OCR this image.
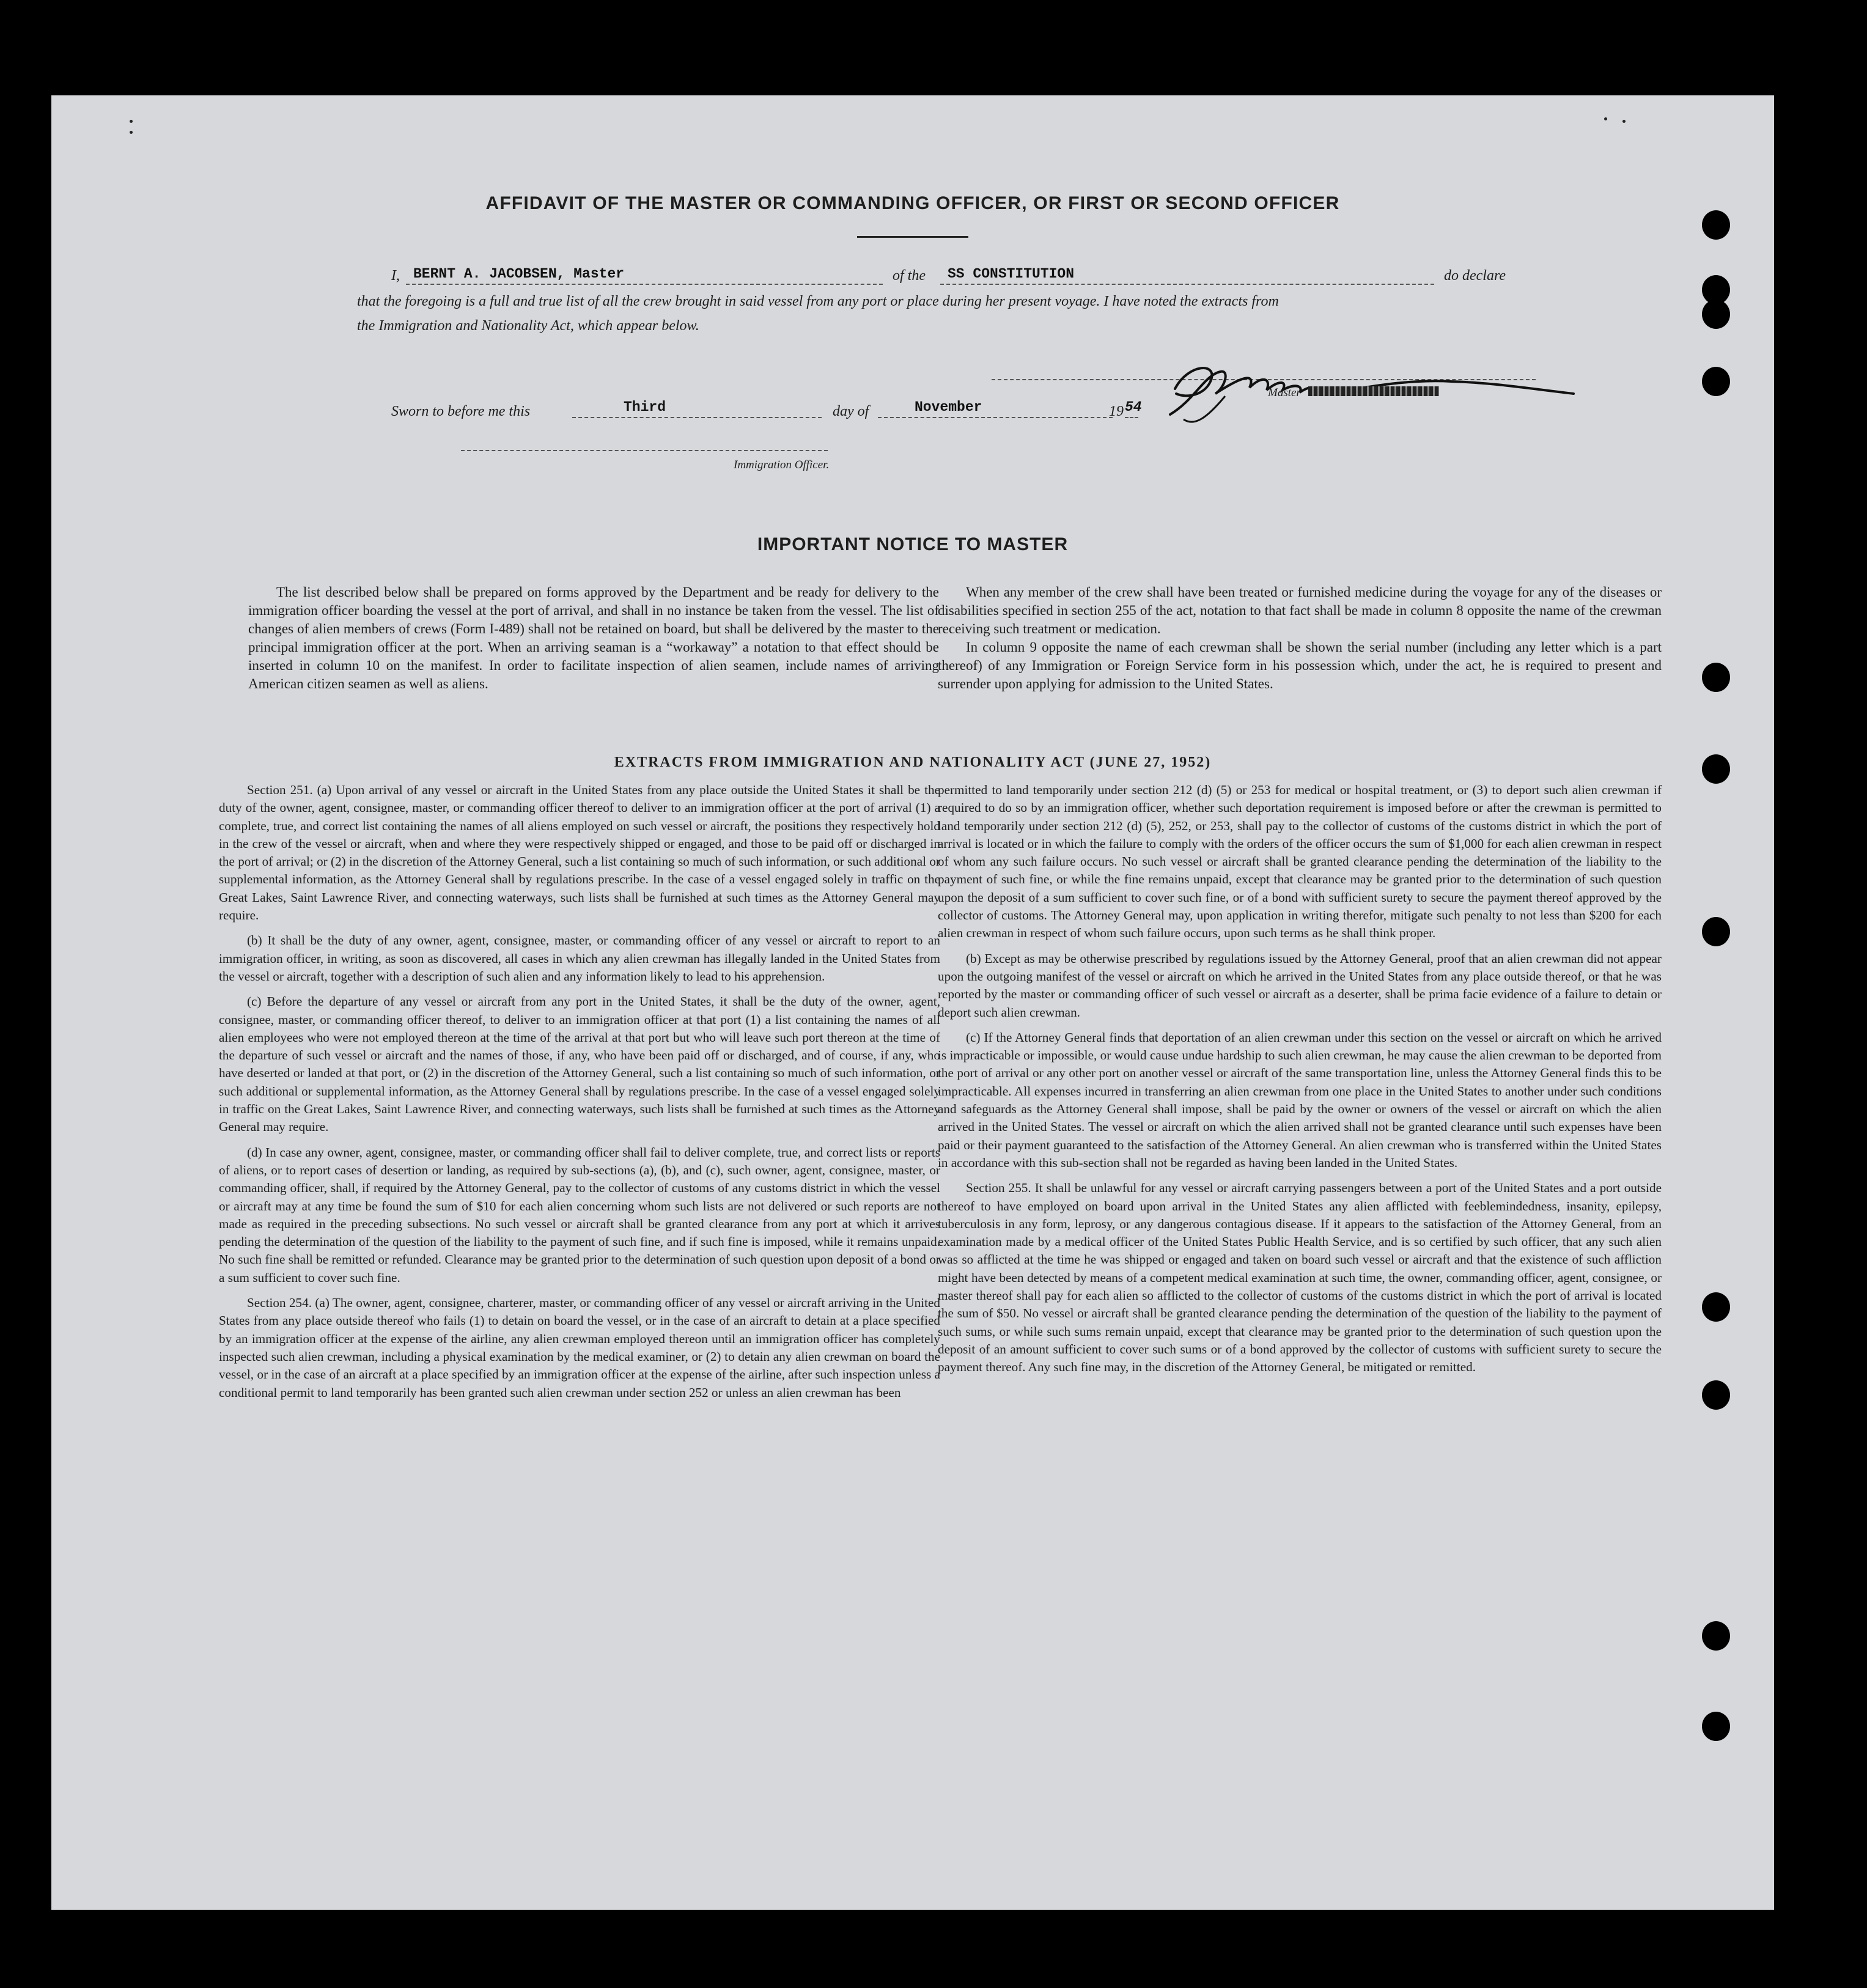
AFFIDAVIT OF THE MASTER OR COMMANDING OFFICER, OR FIRST OR SECOND OFFICER
I, BERNT A. JACOBSEN, Master	of the	SS CONSTITUTION	do declare
that the foregoing is a full and true list of all the crew brought in said vessel from any port or place during her present voyage. I have noted the extracts from
the Immigration and Nationality Act, which appear below.
Master
Sworn to before me this	Third	day of	November	19 54
Immigration Officer.
IMPORTANT NOTICE TO MASTER

The list described below shall be prepared on forms approved by the Department and be ready for delivery to the immigration officer boarding the vessel at the port of arrival, and shall in no instance be taken from the vessel. The list of changes of alien members of crews (Form I-489) shall not be retained on board, but shall be delivered by the master to the principal immigration officer at the port. When an arriving seaman is a “workaway” a notation to that effect should be inserted in column 10 on the manifest. In order to facilitate inspection of alien seamen, include names of arriving American citizen seamen as well as aliens.

When any member of the crew shall have been treated or furnished medicine during the voyage for any of the diseases or disabilities specified in section 255 of the act, notation to that fact shall be made in column 8 opposite the name of the crewman receiving such treatment or medication.

In column 9 opposite the name of each crewman shall be shown the serial number (including any letter which is a part thereof) of any Immigration or Foreign Service form in his possession which, under the act, he is required to present and surrender upon applying for admission to the United States.

EXTRACTS FROM IMMIGRATION AND NATIONALITY ACT (JUNE 27, 1952)

Section 251. (a) Upon arrival of any vessel or aircraft in the United States from any place outside the United States it shall be the duty of the owner, agent, consignee, master, or commanding officer thereof to deliver to an immigration officer at the port of arrival (1) a complete, true, and correct list containing the names of all aliens employed on such vessel or aircraft, the positions they respectively hold in the crew of the vessel or aircraft, when and where they were respectively shipped or engaged, and those to be paid off or discharged in the port of arrival; or (2) in the discretion of the Attorney General, such a list containing so much of such information, or such additional or supplemental information, as the Attorney General shall by regulations prescribe. In the case of a vessel engaged solely in traffic on the Great Lakes, Saint Lawrence River, and connecting waterways, such lists shall be furnished at such times as the Attorney General may require.

(b) It shall be the duty of any owner, agent, consignee, master, or commanding officer of any vessel or aircraft to report to an immigration officer, in writing, as soon as discovered, all cases in which any alien crewman has illegally landed in the United States from the vessel or aircraft, together with a description of such alien and any information likely to lead to his apprehension.

(c) Before the departure of any vessel or aircraft from any port in the United States, it shall be the duty of the owner, agent, consignee, master, or commanding officer thereof, to deliver to an immigration officer at that port (1) a list containing the names of all alien employees who were not employed thereon at the time of the arrival at that port but who will leave such port thereon at the time of the departure of such vessel or aircraft and the names of those, if any, who have been paid off or discharged, and of course, if any, who have deserted or landed at that port, or (2) in the discretion of the Attorney General, such a list containing so much of such information, or such additional or supplemental information, as the Attorney General shall by regulations prescribe. In the case of a vessel engaged solely in traffic on the Great Lakes, Saint Lawrence River, and connecting waterways, such lists shall be furnished at such times as the Attorney General may require.

(d) In case any owner, agent, consignee, master, or commanding officer shall fail to deliver complete, true, and correct lists or reports of aliens, or to report cases of desertion or landing, as required by sub-sections (a), (b), and (c), such owner, agent, consignee, master, or commanding officer, shall, if required by the Attorney General, pay to the collector of customs of any customs district in which the vessel or aircraft may at any time be found the sum of $10 for each alien concerning whom such lists are not delivered or such reports are not made as required in the preceding subsections. No such vessel or aircraft shall be granted clearance from any port at which it arrives pending the determination of the question of the liability to the payment of such fine, and if such fine is imposed, while it remains unpaid. No such fine shall be remitted or refunded. Clearance may be granted prior to the determination of such question upon deposit of a bond or a sum sufficient to cover such fine.

Section 254. (a) The owner, agent, consignee, charterer, master, or commanding officer of any vessel or aircraft arriving in the United States from any place outside thereof who fails (1) to detain on board the vessel, or in the case of an aircraft to detain at a place specified by an immigration officer at the expense of the airline, any alien crewman employed thereon until an immigration officer has completely inspected such alien crewman, including a physical examination by the medical examiner, or (2) to detain any alien crewman on board the vessel, or in the case of an aircraft at a place specified by an immigration officer at the expense of the airline, after such inspection unless a conditional permit to land temporarily has been granted such alien crewman under section 252 or unless an alien crewman has been

permitted to land temporarily under section 212 (d) (5) or 253 for medical or hospital treatment, or (3) to deport such alien crewman if required to do so by an immigration officer, whether such deportation requirement is imposed before or after the crewman is permitted to land temporarily under section 212 (d) (5), 252, or 253, shall pay to the collector of customs of the customs district in which the port of arrival is located or in which the failure to comply with the orders of the officer occurs the sum of $1,000 for each alien crewman in respect of whom any such failure occurs. No such vessel or aircraft shall be granted clearance pending the determination of the liability to the payment of such fine, or while the fine remains unpaid, except that clearance may be granted prior to the determination of such question upon the deposit of a sum sufficient to cover such fine, or of a bond with sufficient surety to secure the payment thereof approved by the collector of customs. The Attorney General may, upon application in writing therefor, mitigate such penalty to not less than $200 for each alien crewman in respect of whom such failure occurs, upon such terms as he shall think proper.

(b) Except as may be otherwise prescribed by regulations issued by the Attorney General, proof that an alien crewman did not appear upon the outgoing manifest of the vessel or aircraft on which he arrived in the United States from any place outside thereof, or that he was reported by the master or commanding officer of such vessel or aircraft as a deserter, shall be prima facie evidence of a failure to detain or deport such alien crewman.

(c) If the Attorney General finds that deportation of an alien crewman under this section on the vessel or aircraft on which he arrived is impracticable or impossible, or would cause undue hardship to such alien crewman, he may cause the alien crewman to be deported from the port of arrival or any other port on another vessel or aircraft of the same transportation line, unless the Attorney General finds this to be impracticable. All expenses incurred in transferring an alien crewman from one place in the United States to another under such conditions and safeguards as the Attorney General shall impose, shall be paid by the owner or owners of the vessel or aircraft on which the alien arrived in the United States. The vessel or aircraft on which the alien arrived shall not be granted clearance until such expenses have been paid or their payment guaranteed to the satisfaction of the Attorney General. An alien crewman who is transferred within the United States in accordance with this sub-section shall not be regarded as having been landed in the United States.

Section 255. It shall be unlawful for any vessel or aircraft carrying passengers between a port of the United States and a port outside thereof to have employed on board upon arrival in the United States any alien afflicted with feeblemindedness, insanity, epilepsy, tuberculosis in any form, leprosy, or any dangerous contagious disease. If it appears to the satisfaction of the Attorney General, from an examination made by a medical officer of the United States Public Health Service, and is so certified by such officer, that any such alien was so afflicted at the time he was shipped or engaged and taken on board such vessel or aircraft and that the existence of such affliction might have been detected by means of a competent medical examination at such time, the owner, commanding officer, agent, consignee, or master thereof shall pay for each alien so afflicted to the collector of customs of the customs district in which the port of arrival is located the sum of $50. No vessel or aircraft shall be granted clearance pending the determination of the question of the liability to the payment of such sums, or while such sums remain unpaid, except that clearance may be granted prior to the determination of such question upon the deposit of an amount sufficient to cover such sums or of a bond approved by the collector of customs with sufficient surety to secure the payment thereof. Any such fine may, in the discretion of the Attorney General, be mitigated or remitted.
